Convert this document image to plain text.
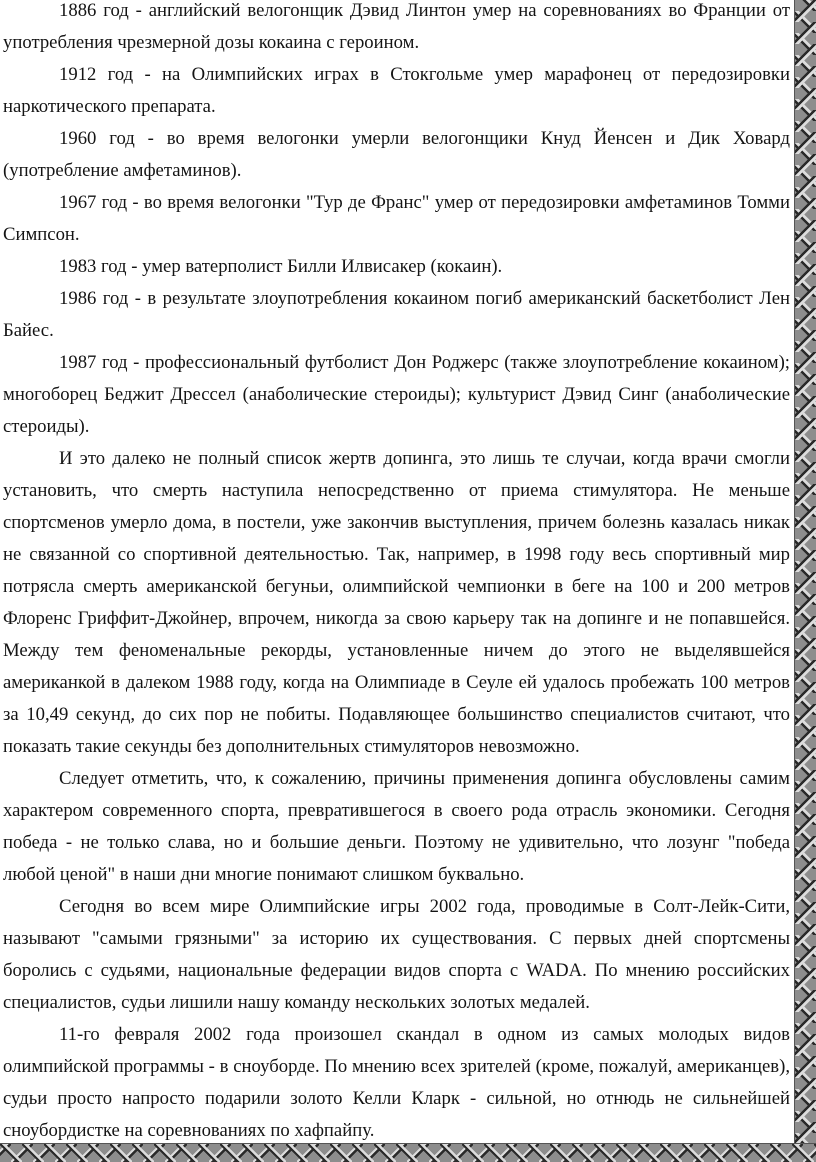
1886 год - английский велогонщик Дэвид Линтон умер на соревнованиях во Франции от употребления чрезмерной дозы кокаина с героином.

1912 год - на Олимпийских играх в Стокгольме умер марафонец от передозировки наркотического препарата.

1960 год - во время велогонки умерли велогонщики Кнуд Йенсен и Дик Ховард (употребление амфетаминов).

1967 год - во время велогонки "Тур де Франс" умер от передозировки амфетаминов Томми Симпсон.

1983 год - умер ватерполист Билли Илвисакер (кокаин).

1986 год - в результате злоупотребления кокаином погиб американский баскетболист Лен Байес.

1987 год - профессиональный футболист Дон Роджерс (также злоупотребление кокаином); многоборец Беджит Дрессел (анаболические стероиды); культурист Дэвид Синг (анаболические стероиды).

И это далеко не полный список жертв допинга, это лишь те случаи, когда врачи смогли установить, что смерть наступила непосредственно от приема стимулятора. Не меньше спортсменов умерло дома, в постели, уже закончив выступления, причем болезнь казалась никак не связанной со спортивной деятельностью. Так, например, в 1998 году весь спортивный мир потрясла смерть американской бегуньи, олимпийской чемпионки в беге на 100 и 200 метров Флоренс Гриффит-Джойнер, впрочем, никогда за свою карьеру так на допинге и не попавшейся. Между тем феноменальные рекорды, установленные ничем до этого не выделявшейся американкой в далеком 1988 году, когда на Олимпиаде в Сеуле ей удалось пробежать 100 метров за 10,49 секунд, до сих пор не побиты. Подавляющее большинство специалистов считают, что показать такие секунды без дополнительных стимуляторов невозможно.

Следует отметить, что, к сожалению, причины применения допинга обусловлены самим характером современного спорта, превратившегося в своего рода отрасль экономики. Сегодня победа - не только слава, но и большие деньги. Поэтому не удивительно, что лозунг "победа любой ценой" в наши дни многие понимают слишком буквально.

Сегодня во всем мире Олимпийские игры 2002 года, проводимые в Солт-Лейк-Сити, называют "самыми грязными" за историю их существования. С первых дней спортсмены боролись с судьями, национальные федерации видов спорта с WADA. По мнению российских специалистов, судьи лишили нашу команду нескольких золотых медалей.

11-го февраля 2002 года произошел скандал в одном из самых молодых видов олимпийской программы - в сноуборде. По мнению всех зрителей (кроме, пожалуй, американцев), судьи просто напросто подарили золото Келли Кларк - сильной, но отнюдь не сильнейшей сноубордистке на соревнованиях по хафпайпу.
